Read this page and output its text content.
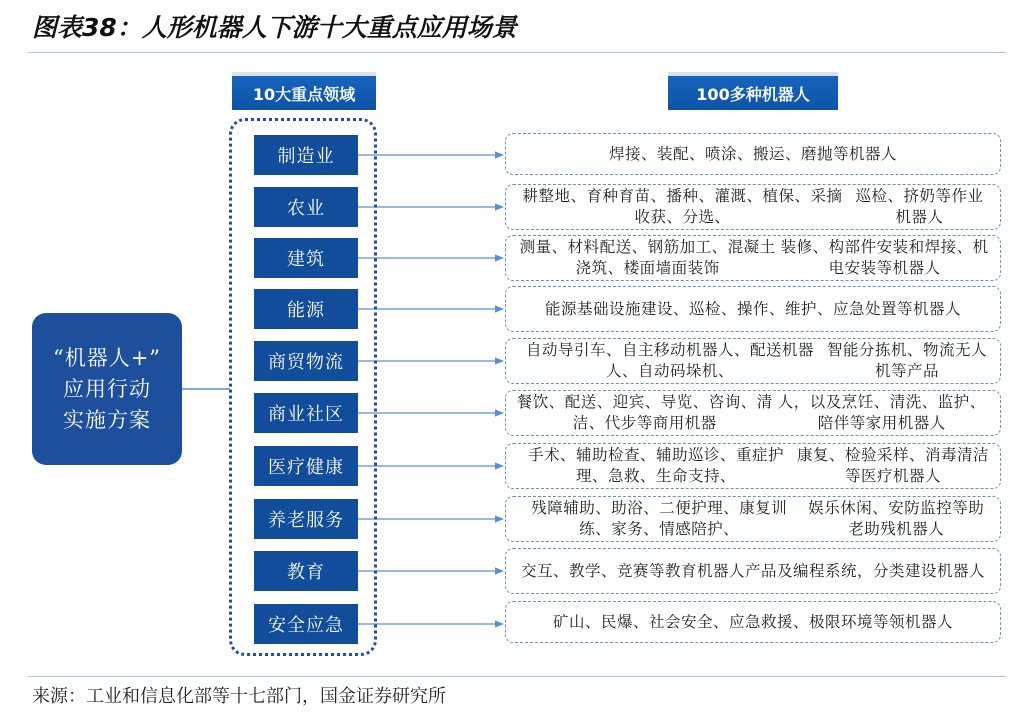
图表38：人形机器人下游十大重点应用场景
10大重点领域	100多种机器人
“机器人+”
应用行动
实施方案
制造业
农业
建筑
能源
商贸物流
商业社区
医疗健康
养老服务
教育
安全应急
焊接、装配、喷涂、搬运、磨抛等机器人
耕整地、育种育苗、播种、灌溉、植保、采摘收获、分选、
巡检、挤奶等作业机器人
测量、材料配送、钢筋加工、混凝土浇筑、楼面墙面装饰
装修、构部件安装和焊接、机电安装等机器人
能源基础设施建设、巡检、操作、维护、应急处置等机器 人
自动导引车、自主移动机器人、配送机器人、自动码垛机、
智能分拣机、物流无人机等产品
餐饮、配送、迎宾、导览、咨询、清洁、代步等商用机器
人，以及烹饪、清洗、监护、陪伴等家用机器人
手术、辅助检查、辅助巡诊、重症护理、急救、生命支持、
康复、检验采样、消毒清洁等医疗机器人
残障辅助、助浴、二便护理、康复训练、家务、情感陪护、
娱乐休闲、安防监控等助老助残机器人
交互、教学、竞赛等教育机器人产品及编程系统，分类建 设机器人
矿山、民爆、社会安全、应急救援、极限环境等领机器人
来源：工业和信息化部等十七部门，国金证券研究所
